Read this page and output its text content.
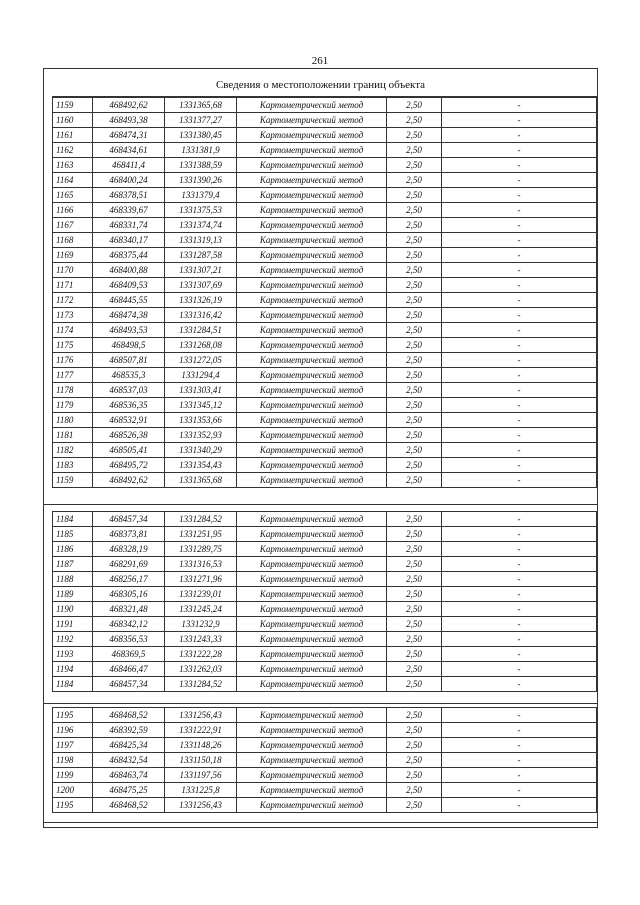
261
Сведения о местоположении границ объекта
1159	468492,62	1331365,68	Картометрический метод	2,50	-
1160	468493,38	1331377,27	Картометрический метод	2,50	-
1161	468474,31	1331380,45	Картометрический метод	2,50	-
1162	468434,61	1331381,9	Картометрический метод	2,50	-
1163	468411,4	1331388,59	Картометрический метод	2,50	-
1164	468400,24	1331390,26	Картометрический метод	2,50	-
1165	468378,51	1331379,4	Картометрический метод	2,50	-
1166	468339,67	1331375,53	Картометрический метод	2,50	-
1167	468331,74	1331374,74	Картометрический метод	2,50	-
1168	468340,17	1331319,13	Картометрический метод	2,50	-
1169	468375,44	1331287,58	Картометрический метод	2,50	-
1170	468400,88	1331307,21	Картометрический метод	2,50	-
1171	468409,53	1331307,69	Картометрический метод	2,50	-
1172	468445,55	1331326,19	Картометрический метод	2,50	-
1173	468474,38	1331316,42	Картометрический метод	2,50	-
1174	468493,53	1331284,51	Картометрический метод	2,50	-
1175	468498,5	1331268,08	Картометрический метод	2,50	-
1176	468507,81	1331272,05	Картометрический метод	2,50	-
1177	468535,3	1331294,4	Картометрический метод	2,50	-
1178	468537,03	1331303,41	Картометрический метод	2,50	-
1179	468536,35	1331345,12	Картометрический метод	2,50	-
1180	468532,91	1331353,66	Картометрический метод	2,50	-
1181	468526,38	1331352,93	Картометрический метод	2,50	-
1182	468505,41	1331340,29	Картометрический метод	2,50	-
1183	468495,72	1331354,43	Картометрический метод	2,50	-
1159	468492,62	1331365,68	Картометрический метод	2,50	-
1184	468457,34	1331284,52	Картометрический метод	2,50	-
1185	468373,81	1331251,95	Картометрический метод	2,50	-
1186	468328,19	1331289,75	Картометрический метод	2,50	-
1187	468291,69	1331316,53	Картометрический метод	2,50	-
1188	468256,17	1331271,96	Картометрический метод	2,50	-
1189	468305,16	1331239,01	Картометрический метод	2,50	-
1190	468321,48	1331245,24	Картометрический метод	2,50	-
1191	468342,12	1331232,9	Картометрический метод	2,50	-
1192	468356,53	1331243,33	Картометрический метод	2,50	-
1193	468369,5	1331222,28	Картометрический метод	2,50	-
1194	468466,47	1331262,03	Картометрический метод	2,50	-
1184	468457,34	1331284,52	Картометрический метод	2,50	-
1195	468468,52	1331256,43	Картометрический метод	2,50	-
1196	468392,59	1331222,91	Картометрический метод	2,50	-
1197	468425,34	1331148,26	Картометрический метод	2,50	-
1198	468432,54	1331150,18	Картометрический метод	2,50	-
1199	468463,74	1331197,56	Картометрический метод	2,50	-
1200	468475,25	1331225,8	Картометрический метод	2,50	-
1195	468468,52	1331256,43	Картометрический метод	2,50	-
